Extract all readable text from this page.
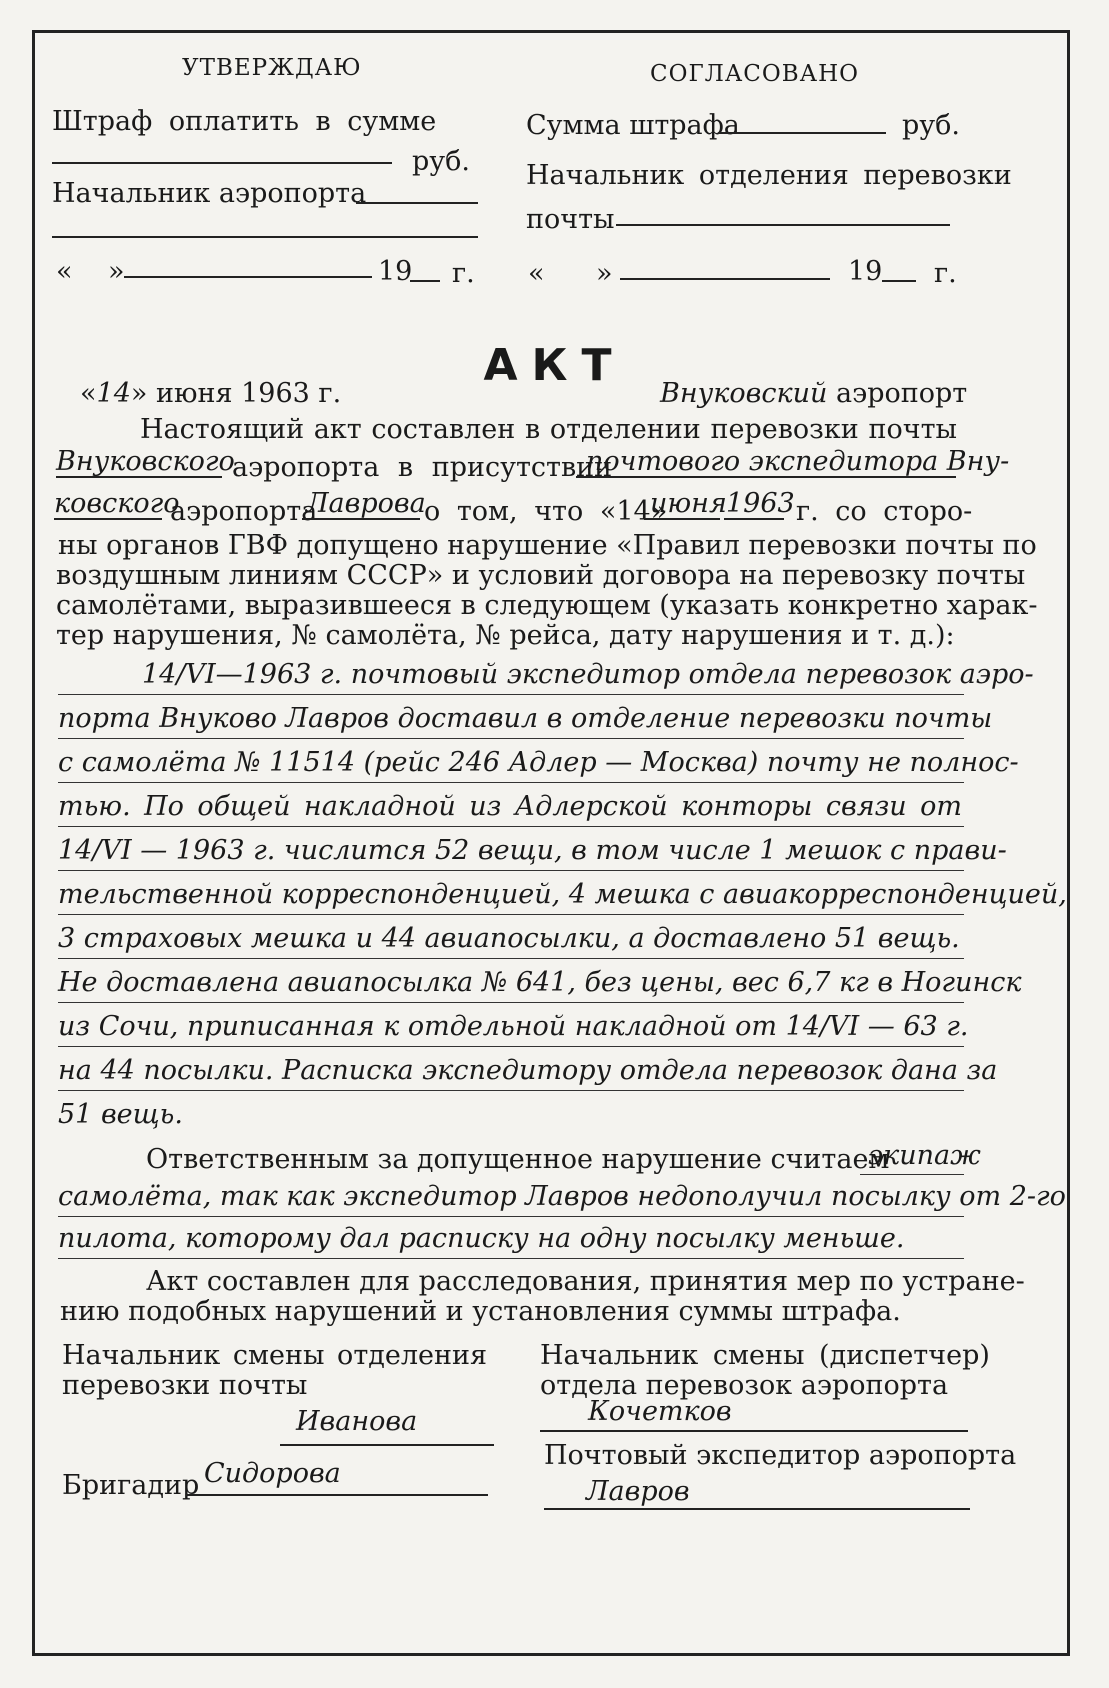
УТВЕРЖДАЮ
Штраф оплатить в сумме
руб.
Начальник аэропорта
« »	19 г.
СОГЛАСОВАНО
Сумма штрафа	руб.
Начальник отделения перевозки
почты
« »	19 г.
АКТ
«14» июня 1963 г.	Внуковский аэропорт
Настоящий акт составлен в отделении перевозки почты
Внуковского
аэропорта в присутствии
почтового экспедитора Вну-
ковского
аэропорта
Лаврова
о том, что «14»
июня 1963 г. со сторо-
ны органов ГВФ допущено нарушение «Правил перевозки почты по
воздушным линиям СССР» и условий договора на перевозку почты
самолётами, выразившееся в следующем (указать конкретно харак-
тер нарушения, № самолёта, № рейса, дату нарушения и т. д.):
14/VI—1963 г. почтовый экспедитор отдела перевозок аэро-
порта Внуково Лавров доставил в отделение перевозки почты
с самолёта № 11514 (рейс 246 Адлер — Москва) почту не полнос-
тью. По общей накладной из Адлерской конторы связи от
14/VI — 1963 г. числится 52 вещи, в том числе 1 мешок с прави-
тельственной корреспонденцией, 4 мешка с авиакорреспонденцией,
3 страховых мешка и 44 авиапосылки, а доставлено 51 вещь.
Не доставлена авиапосылка № 641, без цены, вес 6,7 кг в Ногинск
из Сочи, приписанная к отдельной накладной от 14/VI — 63 г.
на 44 посылки. Расписка экспедитору отдела перевозок дана за
51 вещь.
Ответственным за допущенное нарушение считаем
экипаж
самолёта, так как экспедитор Лавров недополучил посылку от 2-го
пилота, которому дал расписку на одну посылку меньше.
Акт составлен для расследования, принятия мер по устране-
нию подобных нарушений и установления суммы штрафа.
Начальник смены отделения
перевозки почты
Иванова
Бригадир Сидорова
Начальник смены (диспетчер)
отдела перевозок аэропорта
Кочетков
Почтовый экспедитор аэропорта
Лавров
